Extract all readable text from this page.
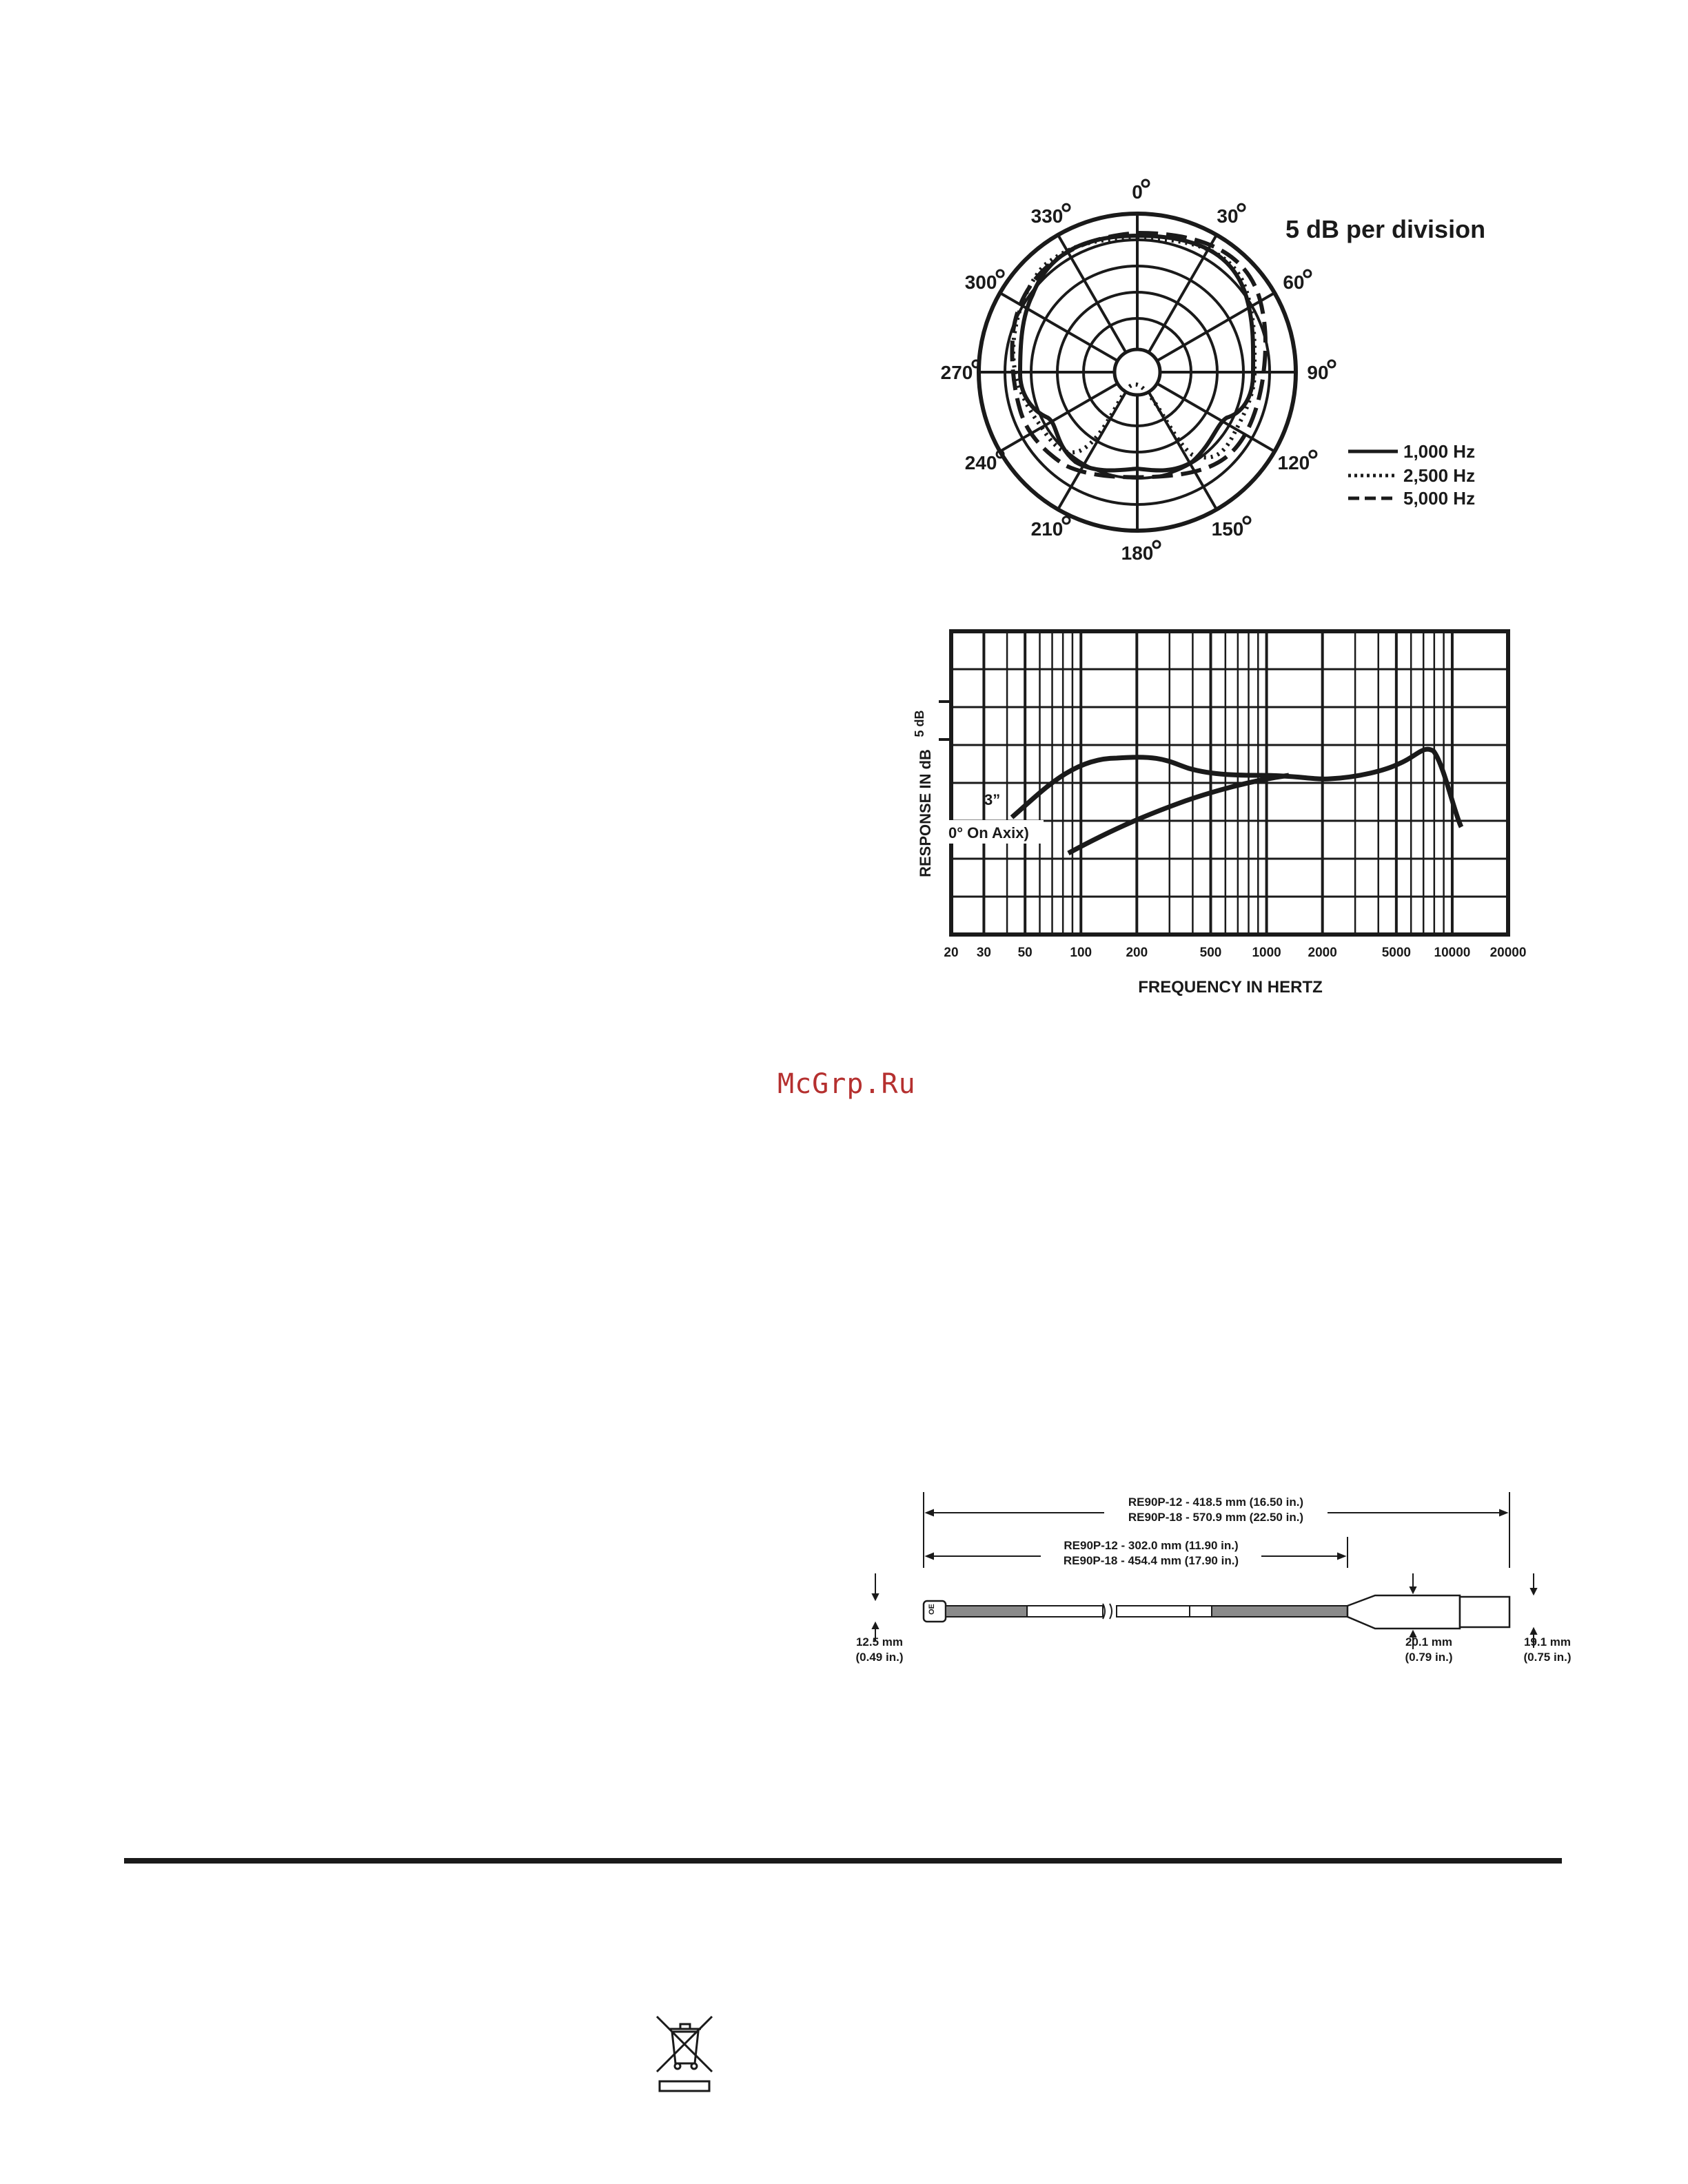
0
30
60
90
120
150
180
210
240
270
300
330	5 dB per division
1,000 Hz
2,500 Hz
5,000 Hz
5 dB
3”
0° On Axix)
RESPONSE IN dB
20 30 50	100	200	500 1000 2000	5000 10000 20000
FREQUENCY IN HERTZ
McGrp.Ru
OE
RE90P-12 - 418.5 mm (16.50 in.)
RE90P-18 - 570.9 mm (22.50 in.)
RE90P-12 - 302.0 mm (11.90 in.)
RE90P-18 - 454.4 mm (17.90 in.)
12.5 mm
(0.49 in.)
20.1 mm
(0.79 in.)
19.1 mm
(0.75 in.)
